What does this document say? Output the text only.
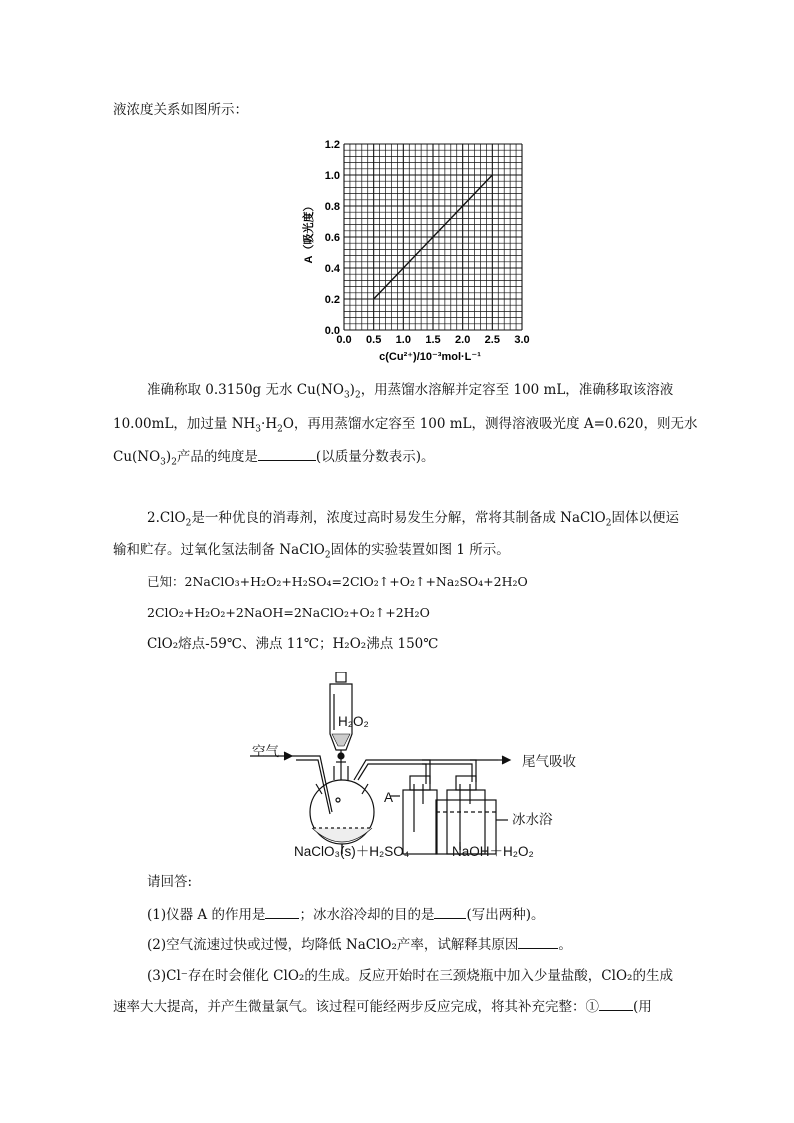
液浓度关系如图所示：
0.0 0.5 1.0 1.5 2.0 2.5 3.0
0.0
0.2
0.4
0.6
0.8
1.0
1.2
A（吸光度）
c(Cu²⁺)/10⁻³mol·L⁻¹
准确称取 0.3150g 无水 $Cu(NO_3)_2$，用蒸馏水溶解并定容至 100 mL，准确移取该溶液
10.00mL，加过量 $NH_3\cdot H_2O$，再用蒸馏水定容至 100 mL，测得溶液吸光度 A=0.620，则无水
$Cu(NO_3)_2$产品的纯度是	(以质量分数表示)。
2.ClO$_2$是一种优良的消毒剂，浓度过高时易发生分解，常将其制备成 NaClO$_2$固体以便运
输和贮存。过氧化氢法制备 NaClO$_2$固体的实验装置如图 1 所示。
已知：2NaClO₃+H₂O₂+H₂SO₄=2ClO₂↑+O₂↑+Na₂SO₄+2H₂O
2ClO₂+H₂O₂+2NaOH=2NaClO₂+O₂↑+2H₂O
ClO₂熔点-59℃、沸点 11℃；H₂O₂沸点 150℃
H₂O₂
空气
尾气吸收
A
冰水浴
NaClO₃(s)＋H₂SO₄	NaOH＋H₂O₂
请回答:
(1)仪器 A 的作用是	；冰水浴冷却的目的是 (写出两种)。
(2)空气流速过快或过慢，均降低 NaClO₂产率，试解释其原因	。
(3)Cl⁻存在时会催化 ClO₂的生成。反应开始时在三颈烧瓶中加入少量盐酸，ClO₂的生成
速率大大提高，并产生微量氯气。该过程可能经两步反应完成，将其补充完整：①	(用
